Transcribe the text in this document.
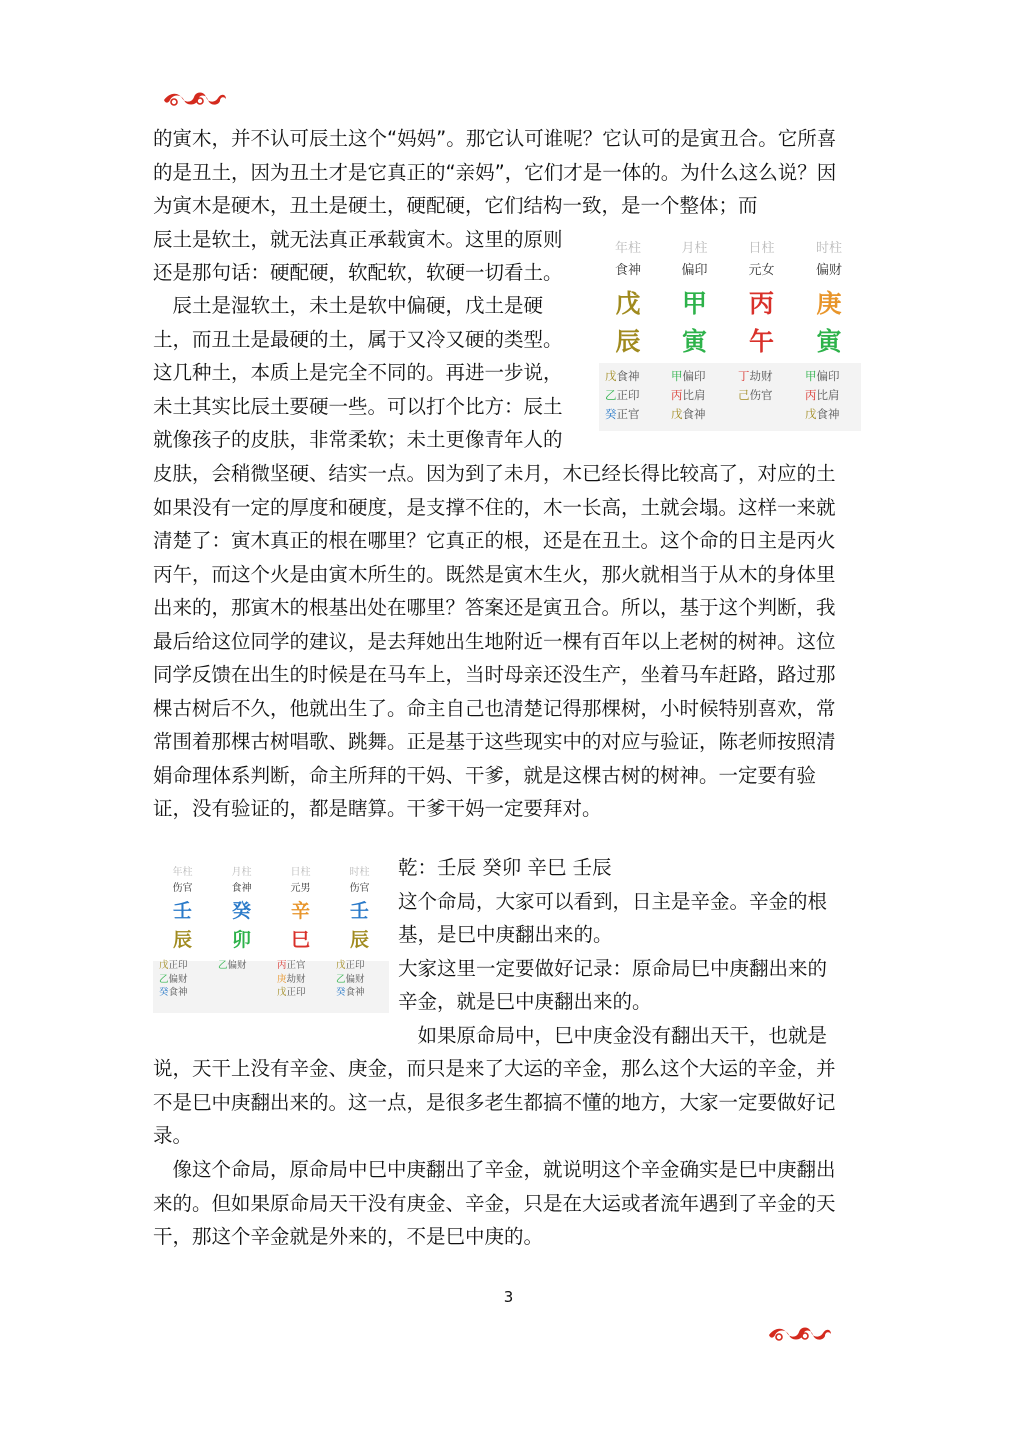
的寅木，并不认可辰土这个“妈妈”。那它认可谁呢？它认可的是寅丑合。它所喜的是丑土，因为丑土才是它真正的“亲妈”，它们才是一体的。为什么这么说？因为寅木是硬木，丑土是硬土，硬配硬，它们结构一致，是一个整体；而

辰土是软土，就无法真正承载寅木。这里的原则
还是那句话：硬配硬，软配软，软硬一切看土。
　辰土是湿软土，未土是软中偏硬，戊土是硬
土，而丑土是最硬的土，属于又冷又硬的类型。
这几种土，本质上是完全不同的。再进一步说，
未土其实比辰土要硬一些。可以打个比方：辰土
就像孩子的皮肤，非常柔软；未土更像青年人的

皮肤，会稍微坚硬、结实一点。因为到了未月，木已经长得比较高了，对应的土如果没有一定的厚度和硬度，是支撑不住的，木一长高，土就会塌。这样一来就清楚了：寅木真正的根在哪里？它真正的根，还是在丑土。这个命的日主是丙火丙午，而这个火是由寅木所生的。既然是寅木生火，那火就相当于从木的身体里出来的，那寅木的根基出处在哪里？答案还是寅丑合。所以，基于这个判断，我最后给这位同学的建议，是去拜她出生地附近一棵有百年以上老树的树神。这位同学反馈在出生的时候是在马车上，当时母亲还没生产，坐着马车赶路，路过那棵古树后不久，他就出生了。命主自己也清楚记得那棵树，小时候特别喜欢，常常围着那棵古树唱歌、跳舞。正是基于这些现实中的对应与验证，陈老师按照清娟命理体系判断，命主所拜的干妈、干爹，就是这棵古树的树神。一定要有验证，没有验证的，都是瞎算。干爹干妈一定要拜对。

年柱
食神
戊
辰
戊食神
乙正印
癸正官
月柱
偏印
甲
寅
甲偏印
丙比肩
戊食神
日柱
元女
丙
午
丁劫财
己伤官
时柱
偏财
庚
寅
甲偏印
丙比肩
戊食神
年柱
伤官
壬
辰
戊正印
乙偏财
癸食神
月柱
食神
癸
卯
乙偏财
日柱
元男
辛
巳
丙正官
庚劫财
戊正印
时柱
伤官
壬
辰
戊正印
乙偏财
癸食神
乾：壬辰 癸卯 辛巳 壬辰
这个命局，大家可以看到，日主是辛金。辛金的根
基，是巳中庚翻出来的。
大家这里一定要做好记录：原命局巳中庚翻出来的
辛金，就是巳中庚翻出来的。
　如果原命局中，巳中庚金没有翻出天干，也就是

说，天干上没有辛金、庚金，而只是来了大运的辛金，那么这个大运的辛金，并不是巳中庚翻出来的。这一点，是很多老生都搞不懂的地方，大家一定要做好记录。

　像这个命局，原命局中巳中庚翻出了辛金，就说明这个辛金确实是巳中庚翻出来的。但如果原命局天干没有庚金、辛金，只是在大运或者流年遇到了辛金的天干，那这个辛金就是外来的，不是巳中庚的。

3
